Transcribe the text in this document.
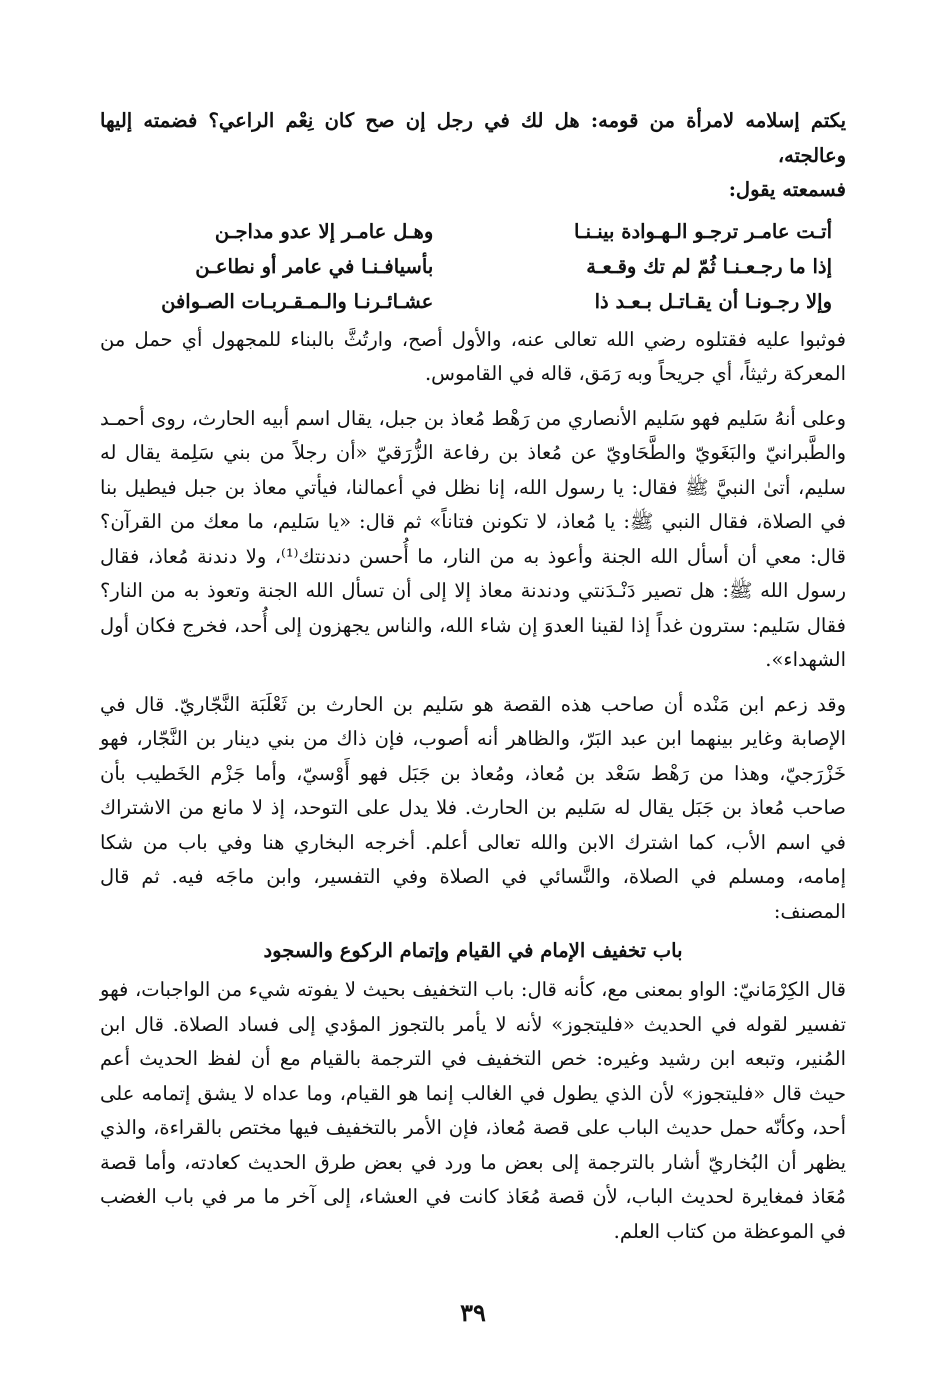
يكتم إسلامه لامرأة من قومه: هل لك في رجل إن صح كان نِعْم الراعي؟ فضمته إليها وعالجته،
فسمعته يقول:

أتـت عامـر ترجـو الـهـوادة بينـنـا
وهـل عامـر إلا عدو مداجـن
إذا ما رجـعـنـا ثُمّ لم تك وقـعـة
بأسيافـنـا في عامر أو نطاعـن
وإلا رجـونـا أن يقـاتـل بـعـد ذا
عشـائـرنـا والـمـقـربـات الصـوافن

فوثبوا عليه فقتلوه رضي الله تعالى عنه، والأول أصح، وارتُثَّ بالبناء للمجهول أي حمل من المعركة رثيثاً، أي جريحاً وبه رَمَق، قاله في القاموس.

وعلى أنهُ سَليم فهو سَليم الأنصاري من رَهْط مُعاذ بن جبل، يقال اسم أبيه الحارث، روى أحمـد والطَّبرانيّ والبَغَويّ والطَّحَاويّ عن مُعاذ بن رفاعة الزُّرَقيّ «أن رجلاً من بني سَلِمة يقال له سليم، أتىٰ النبيَّ ﷺ فقال: يا رسول الله، إنا نظل في أعمالنا، فيأتي معاذ بن جبل فيطيل بنا في الصلاة، فقال النبي ﷺ: يا مُعاذ، لا تكونن فتاناً» ثم قال: «يا سَليم، ما معك من القرآن؟ قال: معي أن أسأل الله الجنة وأعوذ به من النار، ما أُحسن دندنتك⁽¹⁾، ولا دندنة مُعاذ، فقال رسول الله ﷺ: هل تصير دَنْـدَنتي ودندنة معاذ إلا إلى أن تسأل الله الجنة وتعوذ به من النار؟ فقال سَليم: سترون غداً إذا لقينا العدوَ إن شاء الله، والناس يجهزون إلى أُحد، فخرج فكان أول الشهداء».

وقد زعم ابن مَنْده أن صاحب هذه القصة هو سَليم بن الحارث بن ثَعْلَبَة النَّجّاريّ. قال في الإصابة وغاير بينهما ابن عبد البَرّ، والظاهر أنه أصوب، فإن ذاك من بني دينار بن النَّجّار، فهو خَزْرَجيّ، وهذا من رَهْط سَعْد بن مُعاذ، ومُعاذ بن جَبَل فهو أَوْسيّ، وأما جَزْم الخَطيب بأن صاحب مُعاذ بن جَبَل يقال له سَليم بن الحارث. فلا يدل على التوحد، إذ لا مانع من الاشتراك في اسم الأب، كما اشترك الابن والله تعالى أعلم. أخرجه البخاري هنا وفي باب من شكا إمامه، ومسلم في الصلاة، والنَّسائي في الصلاة وفي التفسير، وابن ماجَه فيه. ثم قال المصنف:

باب تخفيف الإمام في القيام وإتمام الركوع والسجود

قال الكِرْمَانيّ: الواو بمعنى مع، كأنه قال: باب التخفيف بحيث لا يفوته شيء من الواجبات، فهو تفسير لقوله في الحديث «فليتجوز» لأنه لا يأمر بالتجوز المؤدي إلى فساد الصلاة. قال ابن المُنير، وتبعه ابن رشيد وغيره: خص التخفيف في الترجمة بالقيام مع أن لفظ الحديث أعم حيث قال «فليتجوز» لأن الذي يطول في الغالب إنما هو القيام، وما عداه لا يشق إتمامه على أحد، وكأنّه حمل حديث الباب على قصة مُعاذ، فإن الأمر بالتخفيف فيها مختص بالقراءة، والذي يظهر أن البُخاريّ أشار بالترجمة إلى بعض ما ورد في بعض طرق الحديث كعادته، وأما قصة مُعَاذ فمغايرة لحديث الباب، لأن قصة مُعَاذ كانت في العشاء، إلى آخر ما مر في باب الغضب في الموعظة من كتاب العلم.

٣٩
